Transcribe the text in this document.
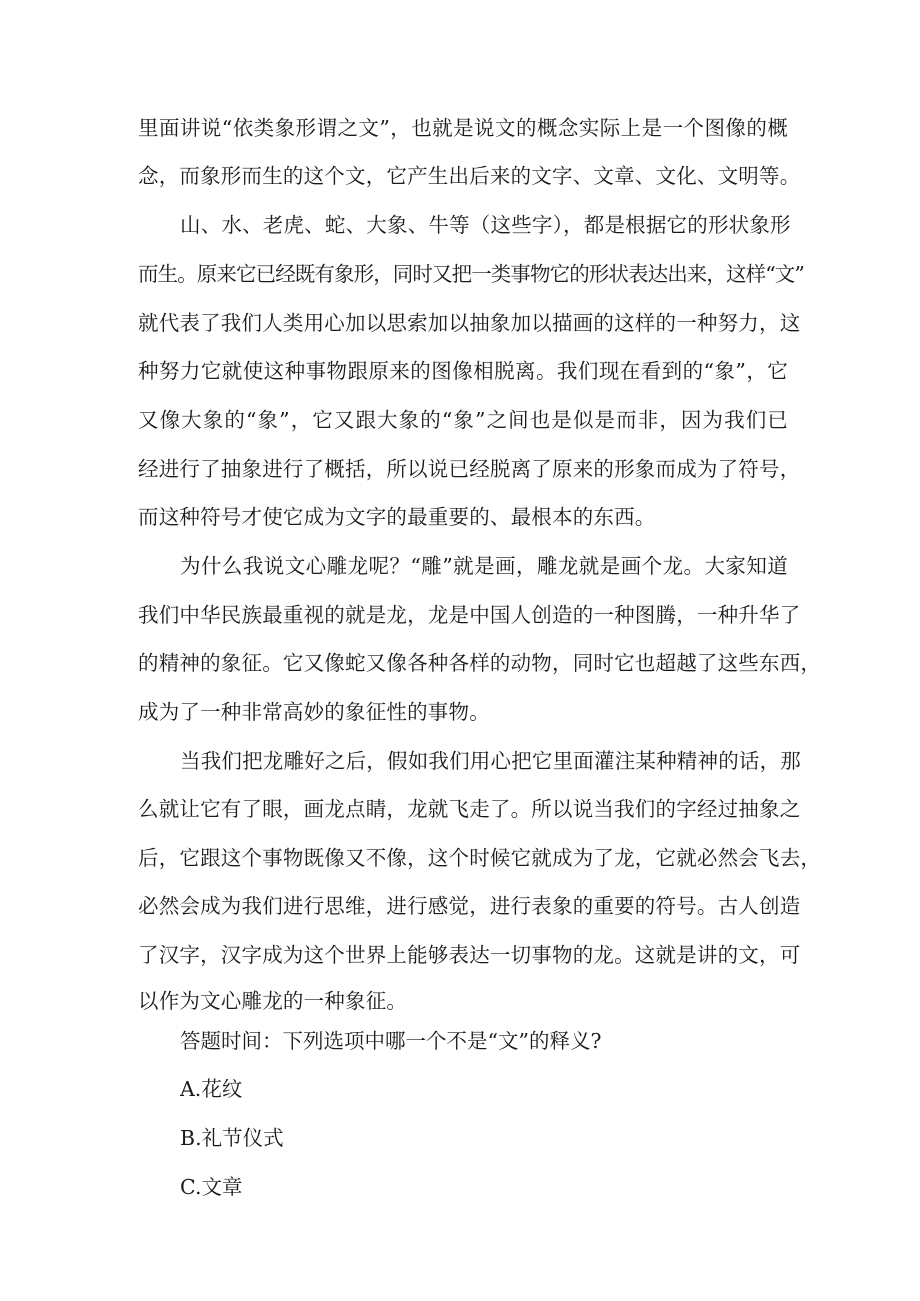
里面讲说“依类象形谓之文”，也就是说文的概念实际上是一个图像的概
念，而象形而生的这个文，它产生出后来的文字、文章、文化、文明等。
山、水、老虎、蛇、大象、牛等（这些字），都是根据它的形状象形
而生。原来它已经既有象形，同时又把一类事物它的形状表达出来，这样“文”
就代表了我们人类用心加以思索加以抽象加以描画的这样的一种努力，这
种努力它就使这种事物跟原来的图像相脱离。我们现在看到的“象”，它
又像大象的“象”，它又跟大象的“象”之间也是似是而非，因为我们已
经进行了抽象进行了概括，所以说已经脱离了原来的形象而成为了符号，
而这种符号才使它成为文字的最重要的、最根本的东西。
为什么我说文心雕龙呢？“雕”就是画，雕龙就是画个龙。大家知道
我们中华民族最重视的就是龙，龙是中国人创造的一种图腾，一种升华了
的精神的象征。它又像蛇又像各种各样的动物，同时它也超越了这些东西，
成为了一种非常高妙的象征性的事物。
当我们把龙雕好之后，假如我们用心把它里面灌注某种精神的话，那
么就让它有了眼，画龙点睛，龙就飞走了。所以说当我们的字经过抽象之
后，它跟这个事物既像又不像，这个时候它就成为了龙，它就必然会飞去，
必然会成为我们进行思维，进行感觉，进行表象的重要的符号。古人创造
了汉字，汉字成为这个世界上能够表达一切事物的龙。这就是讲的文，可
以作为文心雕龙的一种象征。
答题时间：下列选项中哪一个不是“文”的释义?
A.花纹
B.礼节仪式
C.文章
